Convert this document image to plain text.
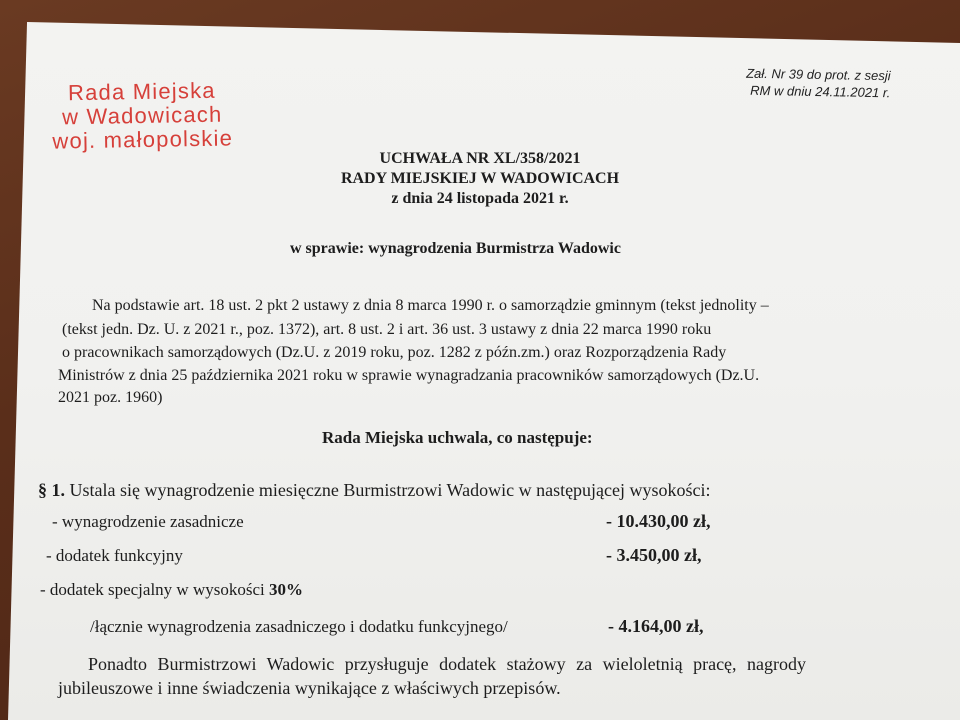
Rada Miejska
w Wadowicach
woj. małopolskie
Zał. Nr 39 do prot. z sesji
RM w dniu 24.11.2021 r.
UCHWAŁA NR XL/358/2021
RADY MIEJSKIEJ W WADOWICACH
z dnia 24 listopada 2021 r.
w sprawie: wynagrodzenia Burmistrza Wadowic
Na podstawie art. 18 ust. 2 pkt 2 ustawy z dnia 8 marca 1990 r. o samorządzie gminnym (tekst jednolity –
(tekst jedn. Dz. U. z 2021 r., poz. 1372), art. 8 ust. 2 i art. 36 ust. 3 ustawy z dnia 22 marca 1990 roku
o pracownikach samorządowych (Dz.U. z 2019 roku, poz. 1282 z późn.zm.) oraz Rozporządzenia Rady
Ministrów z dnia 25 października 2021 roku w sprawie wynagradzania pracowników samorządowych (Dz.U.
2021 poz. 1960)
Rada Miejska uchwala, co następuje:
§ 1. Ustala się wynagrodzenie miesięczne Burmistrzowi Wadowic w następującej wysokości:
- wynagrodzenie zasadnicze	- 10.430,00 zł,
- dodatek funkcyjny	- 3.450,00 zł,
- dodatek specjalny w wysokości 30%
/łącznie wynagrodzenia zasadniczego i dodatku funkcyjnego/	- 4.164,00 zł,
Ponadto Burmistrzowi Wadowic przysługuje dodatek stażowy za wieloletnią pracę, nagrody
jubileuszowe i inne świadczenia wynikające z właściwych przepisów.
